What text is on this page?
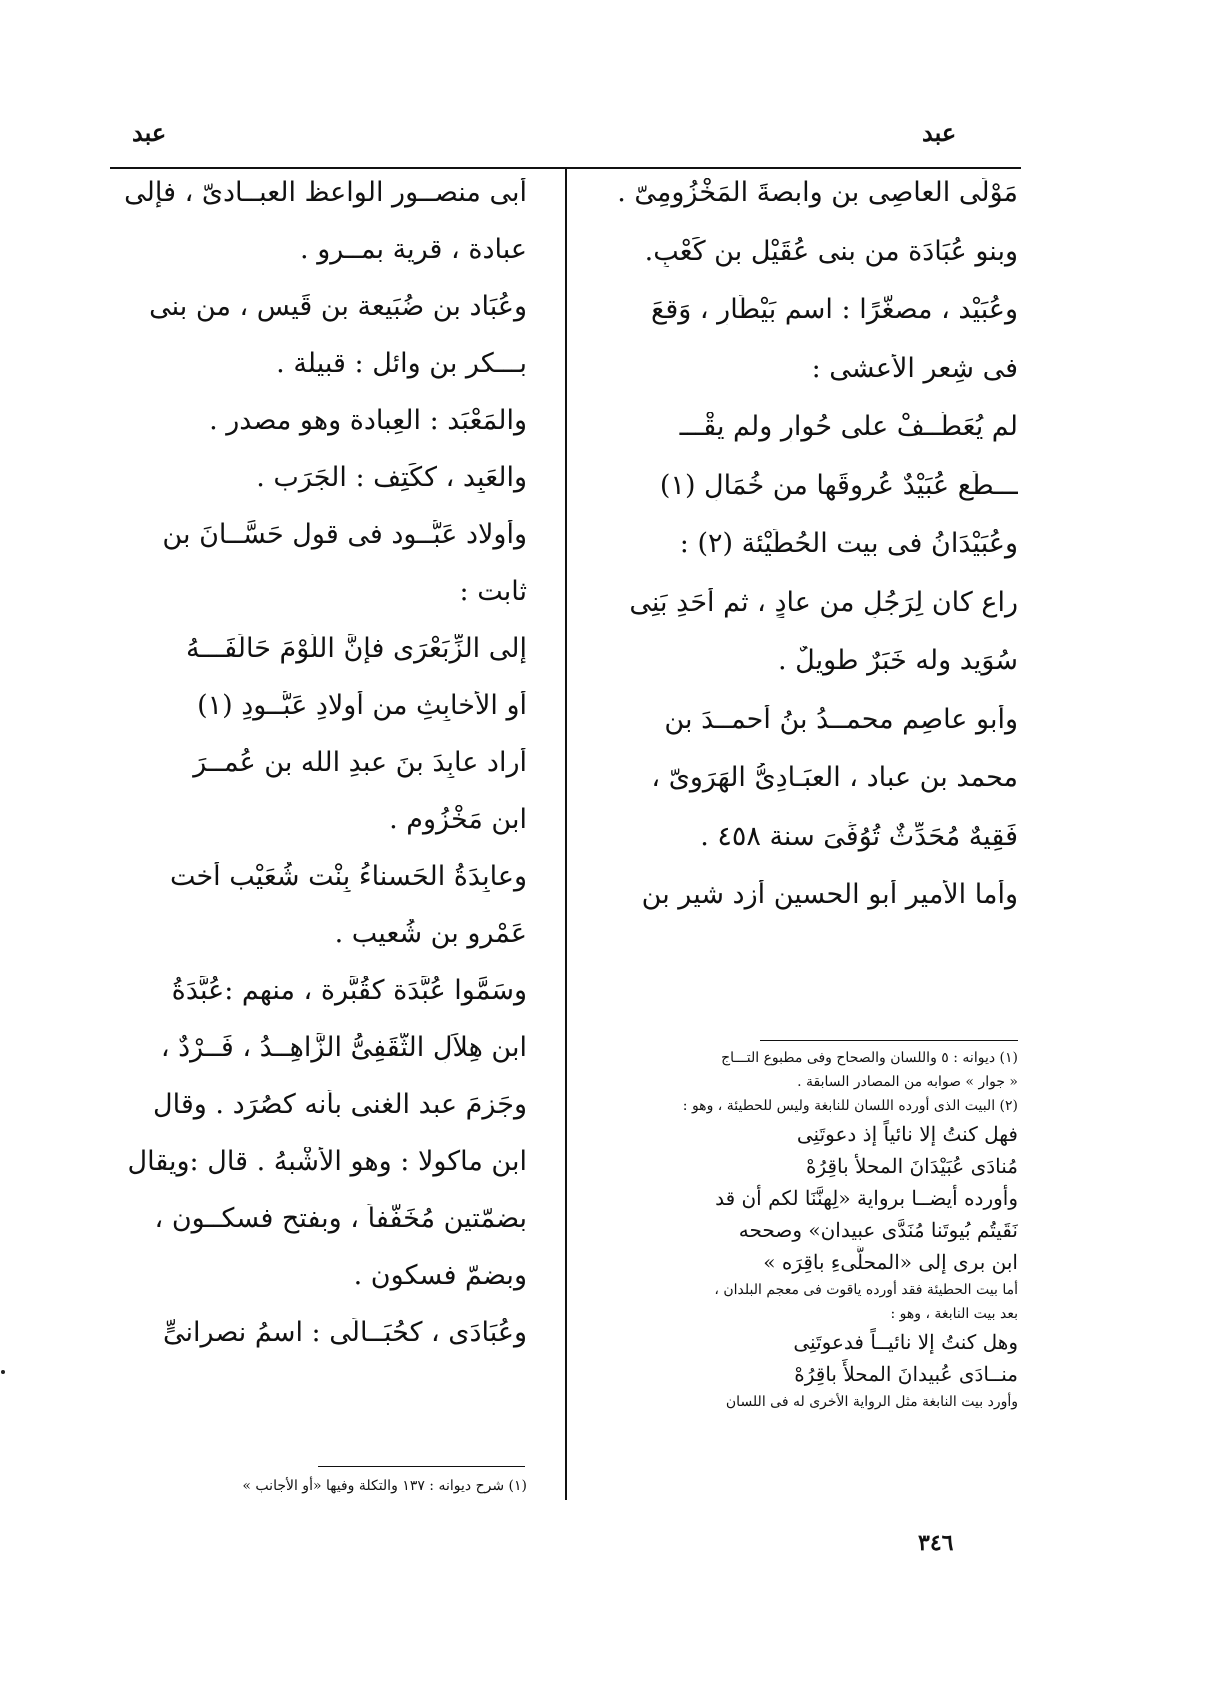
عبد
عبد
مَوْلَى العاصِى بنِ وابصةَ المَخْزُومِىّ .
وبنو عُبَادَة من بنى عُقَيْل بنِ كَعْبٍ.
وعُبَيْد ، مصغَّرًا : اسم بَيْطَارٍ ، وَقعَ
فى شِعرِ الأَعشى :
لم يُعَطَّــفْ على حُوارٍ ولم يقْـــ
ـــطَع عُبَيْدٌ عُروقَها من خُمَالِ (١)
وعُبَيْدَانُ فى بيت الحُطَيْئة (٢) :
راعٍ كان لِرَجُلٍ من عادٍ ، ثم أَحَدِ بَنِى
سُوَيد وله خَبَرٌ طويلٌ .
وأبو عاصِمٍ محمــدُ بنُ أحمــدَ بنِ
محمد بنِ عباد ، العبَـادِىُّ الهَرَوِىّ ،
فَقِيهٌ مُحَدِّثٌ تُوُفِّىَ سنة ٤٥٨ .
وأما الأَمير أبو الحسين أزد شير بن
أَبى منصــور الواعظ العبــادىّ ، فإلى
عبادة ، قرية بمــرو .
وعُبَاد بن ضُبَيعة بن قَيس ، من بنى
بـــكر بن وائل : قبيلة .
والمَعْبَد : العِبادة وهو مصدر .
والعَبِد ، ككَتِف : الجَرَب .
وأولاد عَبُّــود فى قول حَسَّــانَ بنِ
ثابت :
إلى الزِّبَعْرَى فإنَّ اللُّوْمَ حَالَفَـــهُ
أو الأَخابِثِ من أَولادِ عَبُّــودِ (١)
أَراد عابِدَ بنَ عبدِ الله بن عُمــرَ
ابنِ مَخْزُومٍ .
وعابِدَةُ الحَسناءُ بِنْت شُعَيْب أُخت
عَمْرو بن شُعيب .
وسَمَّوا عُبَّدَة كقُبَّرة ، منهم :عُبَّدَةُ
ابن هِلاَلِ الثَّقَفِىُّ الزَّاهِــدُ ، فَــرْدٌ ،
وجَزمَ عبد الغنى بأَنه كصُرَد . وقال
ابن ماكولا : وهو الأَشْبهُ . قال :ويقال
بضمّتين مُخَفَّفاً ، وبفتح فسكــون ،
وبضمّ فسكون .
وعُبَادَى ، كحُبَــالَى : اسمُ نصرانىٍّ
(١) ديوانه : ٥ واللسان والصحاح وفى مطبوع التـــاج
« جوار » صوابه من المصادر السابقة .
(٢) البيت الذى أورده اللسان للنابغة وليس للحطيئة ، وهو :
فهل كنتُ إلا نائياً إذ دعوتَنِى
مُنادَى عُبَيْدَانَ المحلأ باقِرُهْ
وأورده أيضــا برواية «لِهنَّنَا لكم أن قد
نَقَيتُم بُيوتَنا مُنَدَّى عبيدان» وصححه
ابن برى إلى «المحلَّىءِ باقِرَه »
أما بيت الحطيئة فقد أورده ياقوت فى معجم البلدان ،
بعد بيت النابغة ، وهو :
وهل كنتُ إلا نائيــاً فدعوتَنِى
منــادَى عُبيدانَ المحلأَ باقِرُهْ
وأورد بيت النابغة مثل الرواية الأخرى له فى اللسان
(١) شرح ديوانه : ١٣٧ والتكلة وفيها «أو الأجانب »
٣٤٦
